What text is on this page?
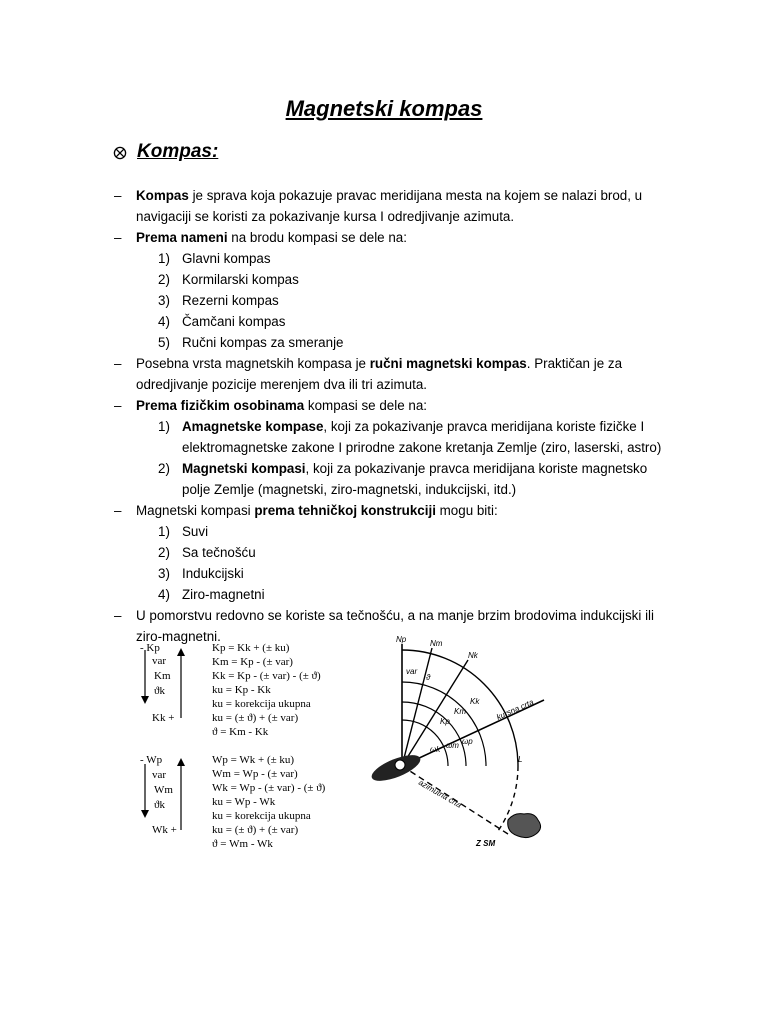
Magnetski kompas
Kompas:
–	Kompas je sprava koja pokazuje pravac meridijana mesta na kojem se nalazi brod, u navigaciji se koristi za pokazivanje kursa I odredjivanje azimuta.
–	Prema nameni na brodu kompasi se dele na:
1) Glavni kompas
2) Kormilarski kompas
3) Rezerni kompas
4) Čamčani kompas
5) Ručni kompas za smeranje
–	Posebna vrsta magnetskih kompasa je ručni magnetski kompas. Praktičan je za odredjivanje pozicije merenjem dva ili tri azimuta.
–	Prema fizičkim osobinama kompasi se dele na:
1) Amagnetske kompase, koji za pokazivanje pravca meridijana koriste fizičke I elektromagnetske zakone I prirodne zakone kretanja Zemlje (ziro, laserski, astro)
2) Magnetski kompasi, koji za pokazivanje pravca meridijana koriste magnetsko polje Zemlje (magnetski, ziro-magnetski, indukcijski, itd.)
–	Magnetski kompasi prema tehničkoj konstrukciji mogu biti:
1) Suvi
2) Sa tečnošću
3) Indukcijski
4) Ziro-magnetni
–	U pomorstvu redovno se koriste sa tečnošću, a na manje brzim brodovima indukcijski ili ziro-magnetni.
- Kp
var
Km
ϑk
Kk +
Kp = Kk + (± ku)
Km = Kp - (± var)
Kk = Kp - (± var) - (± ϑ)
ku = Kp - Kk
ku = korekcija ukupna
ku = (± ϑ) + (± var)
ϑ = Km - Kk
- Wp
var
Wm
ϑk
Wk +
Wp = Wk + (± ku)
Wm = Wp - (± var)
Wk = Wp - (± var) - (± ϑ)
ku = Wp - Wk
ku = korekcija ukupna
ku = (± ϑ) + (± var)
ϑ = Wm - Wk
Np	Nm
Nk
var
ϑ
Kk
Km
Kp	kursna crta
ωk ωm ωp
azimutna crta
L
Z SM
